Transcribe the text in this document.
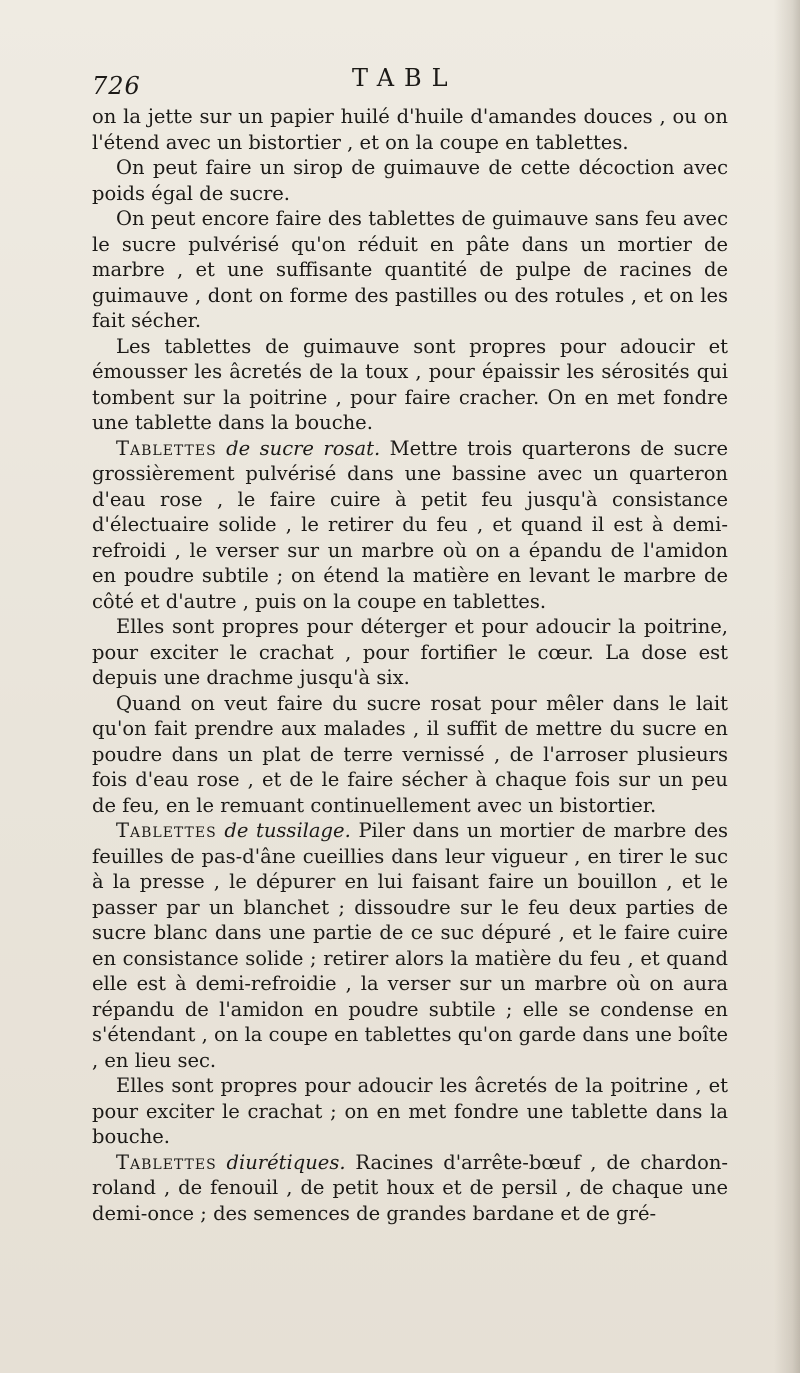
726	TABL

on la jette sur un papier huilé d'huile d'amandes douces , ou on l'étend avec un bistortier , et on la coupe en tablettes.

On peut faire un sirop de guimauve de cette décoction avec poids égal de sucre.

On peut encore faire des tablettes de guimauve sans feu avec le sucre pulvérisé qu'on réduit en pâte dans un mortier de marbre , et une suffisante quantité de pulpe de racines de guimauve , dont on forme des pastilles ou des rotules , et on les fait sécher.

Les tablettes de guimauve sont propres pour adoucir et émousser les âcretés de la toux , pour épaissir les sérosités qui tombent sur la poitrine , pour faire cracher. On en met fondre une tablette dans la bouche.

Tablettes de sucre rosat. Mettre trois quarterons de sucre grossièrement pulvérisé dans une bassine avec un quarteron d'eau rose , le faire cuire à petit feu jusqu'à consistance d'électuaire solide , le retirer du feu , et quand il est à demi-refroidi , le verser sur un marbre où on a épandu de l'amidon en poudre subtile ; on étend la matière en levant le marbre de côté et d'autre , puis on la coupe en tablettes.

Elles sont propres pour déterger et pour adoucir la poitrine, pour exciter le crachat , pour fortifier le cœur. La dose est depuis une drachme jusqu'à six.

Quand on veut faire du sucre rosat pour mêler dans le lait qu'on fait prendre aux malades , il suffit de mettre du sucre en poudre dans un plat de terre vernissé , de l'arroser plusieurs fois d'eau rose , et de le faire sécher à chaque fois sur un peu de feu, en le remuant continuellement avec un bistortier.

Tablettes de tussilage. Piler dans un mortier de marbre des feuilles de pas-d'âne cueillies dans leur vigueur , en tirer le suc à la presse , le dépurer en lui faisant faire un bouillon , et le passer par un blanchet ; dissoudre sur le feu deux parties de sucre blanc dans une partie de ce suc dépuré , et le faire cuire en consistance solide ; retirer alors la matière du feu , et quand elle est à demi-refroidie , la verser sur un marbre où on aura répandu de l'amidon en poudre subtile ; elle se condense en s'étendant , on la coupe en tablettes qu'on garde dans une boîte , en lieu sec.

Elles sont propres pour adoucir les âcretés de la poitrine , et pour exciter le crachat ; on en met fondre une tablette dans la bouche.

Tablettes diurétiques. Racines d'arrête-bœuf , de chardon-roland , de fenouil , de petit houx et de persil , de chaque une demi-once ; des semences de grandes bardane et de gré-
